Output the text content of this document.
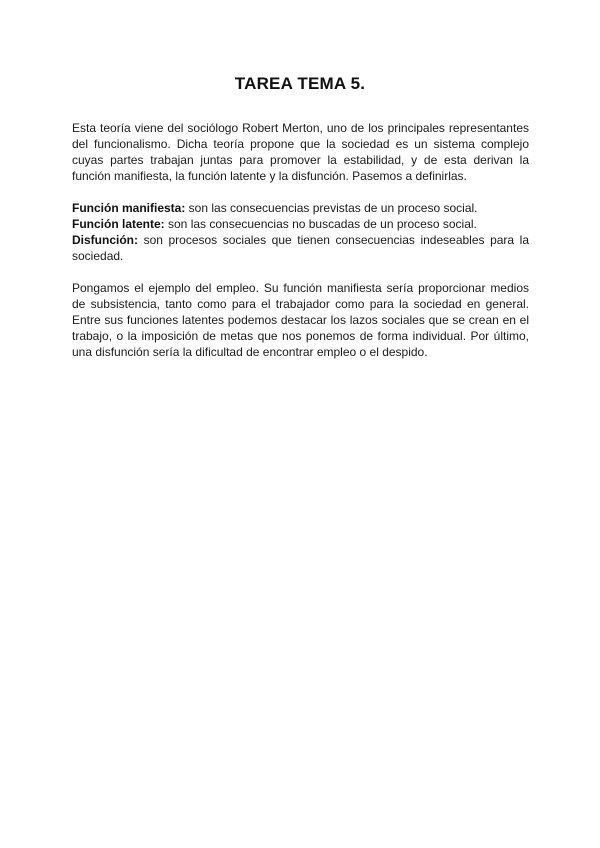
TAREA TEMA 5.

Esta teoría viene del sociólogo Robert Merton, uno de los principales representantes del funcionalismo. Dicha teoría propone que la sociedad es un sistema complejo cuyas partes trabajan juntas para promover la estabilidad, y de esta derivan la función manifiesta, la función latente y la disfunción. Pasemos a definirlas.

Función manifiesta: son las consecuencias previstas de un proceso social.

Función latente: son las consecuencias no buscadas de un proceso social.

Disfunción: son procesos sociales que tienen consecuencias indeseables para la sociedad.

Pongamos el ejemplo del empleo. Su función manifiesta sería proporcionar medios de subsistencia, tanto como para el trabajador como para la sociedad en general. Entre sus funciones latentes podemos destacar los lazos sociales que se crean en el trabajo, o la imposición de metas que nos ponemos de forma individual. Por último, una disfunción sería la dificultad de encontrar empleo o el despido.
